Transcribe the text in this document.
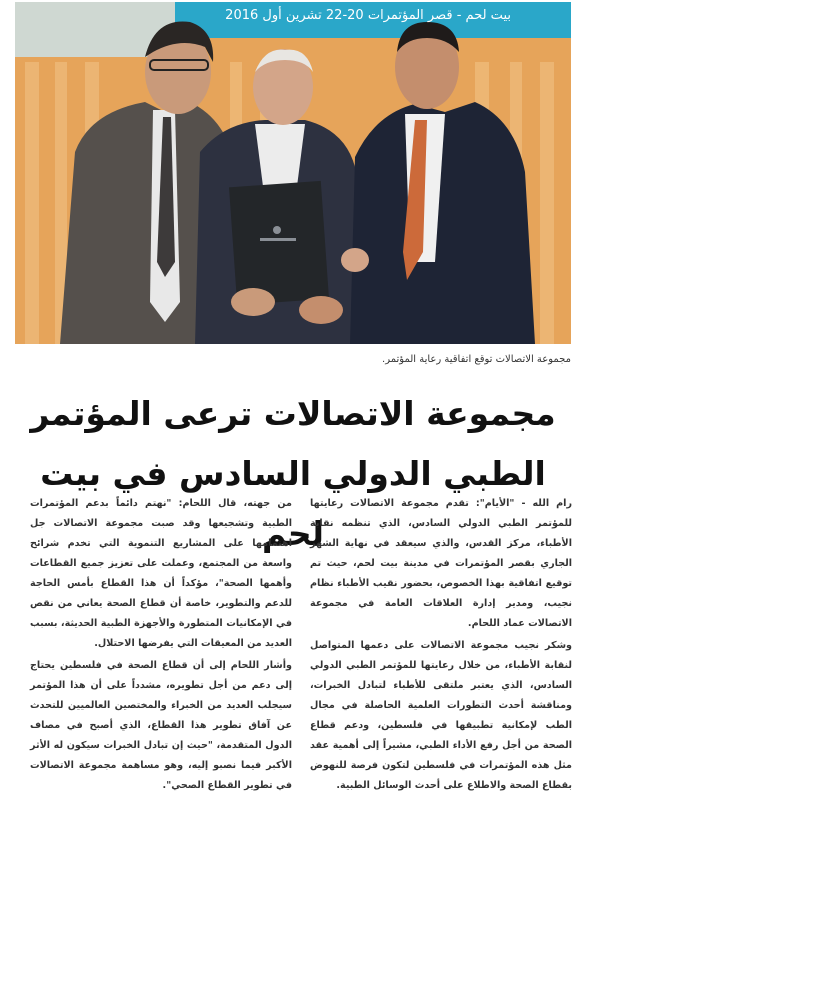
بيت لحم - قصر المؤتمرات 20-22 تشرين أول 2016
مجموعة الاتصالات توقع اتفاقية رعاية المؤتمر.
مجموعة الاتصالات ترعى المؤتمر
الطبي الدولي السادس في بيت لحم

رام الله - "الأيام": تقدم مجموعة الاتصالات رعايتها للمؤتمر الطبي الدولي السادس، الذي تنظمه نقابة الأطباء، مركز القدس، والذي سيعقد في نهاية الشهر الجاري بقصر المؤتمرات في مدينة بيت لحم، حيث تم توقيع اتفاقية بهذا الخصوص، بحضور نقيب الأطباء نظام نجيب، ومدير إدارة العلاقات العامة في مجموعة الاتصالات عماد اللحام.

وشكر نجيب مجموعة الاتصالات على دعمها المتواصل لنقابة الأطباء، من خلال رعايتها للمؤتمر الطبي الدولي السادس، الذي يعتبر ملتقى للأطباء لتبادل الخبرات، ومناقشة أحدث التطورات العلمية الحاصلة في مجال الطب لإمكانية تطبيقها في فلسطين، ودعم قطاع الصحة من أجل رفع الأداء الطبي، مشيراً إلى أهمية عقد مثل هذه المؤتمرات في فلسطين لتكون فرصة للنهوض بقطاع الصحة والاطلاع على أحدث الوسائل الطبية.

من جهته، قال اللحام: "نهتم دائماً بدعم المؤتمرات الطبية وتشجيعها وقد صبت مجموعة الاتصالات جل اهتمامها على المشاريع التنموية التي تخدم شرائح واسعة من المجتمع، وعملت على تعزيز جميع القطاعات وأهمها الصحة"، مؤكداً أن هذا القطاع بأمس الحاجة للدعم والتطوير، خاصة أن قطاع الصحة يعاني من نقص في الإمكانيات المتطورة والأجهزة الطبية الحديثة، بسبب العديد من المعيقات التي يفرضها الاحتلال.

وأشار اللحام إلى أن قطاع الصحة في فلسطين يحتاج إلى دعم من أجل تطويره، مشدداً على أن هذا المؤتمر سيجلب العديد من الخبراء والمختصين العالميين للتحدث عن آفاق تطوير هذا القطاع، الذي أصبح في مصاف الدول المتقدمة، "حيث إن تبادل الخبرات سيكون له الأثر الأكبر فيما نصبو إليه، وهو مساهمة مجموعة الاتصالات في تطوير القطاع الصحي".
